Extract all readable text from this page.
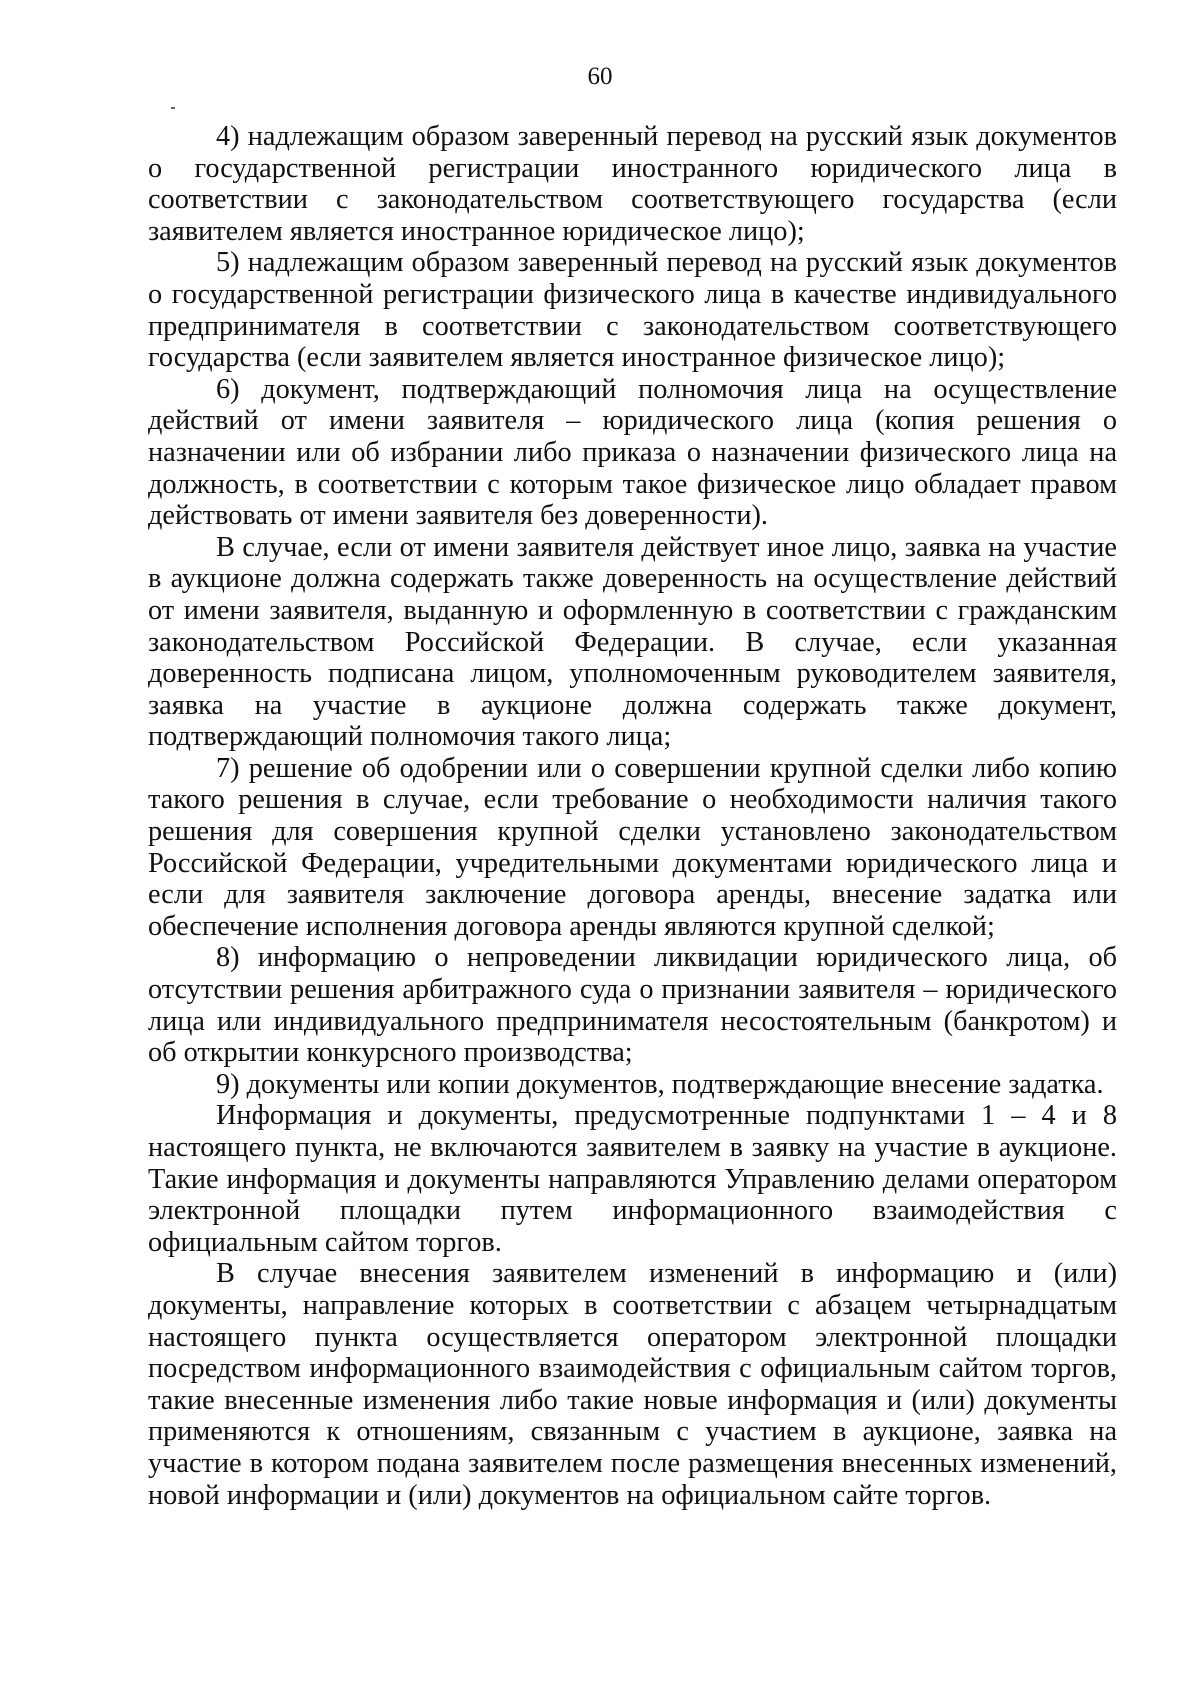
60

4) надлежащим образом заверенный перевод на русский язык документов о государственной регистрации иностранного юридического лица в соответствии с законодательством соответствующего государства (если заявителем является иностранное юридическое лицо);

5) надлежащим образом заверенный перевод на русский язык документов о государственной регистрации физического лица в качестве индивидуального предпринимателя в соответствии с законодательством соответствующего государства (если заявителем является иностранное физическое лицо);

6) документ, подтверждающий полномочия лица на осуществление действий от имени заявителя – юридического лица (копия решения о назначении или об избрании либо приказа о назначении физического лица на должность, в соответствии с которым такое физическое лицо обладает правом действовать от имени заявителя без доверенности).

В случае, если от имени заявителя действует иное лицо, заявка на участие в аукционе должна содержать также доверенность на осуществление действий от имени заявителя, выданную и оформленную в соответствии с гражданским законодательством Российской Федерации. В случае, если указанная доверенность подписана лицом, уполномоченным руководителем заявителя, заявка на участие в аукционе должна содержать также документ, подтверждающий полномочия такого лица;

7) решение об одобрении или о совершении крупной сделки либо копию такого решения в случае, если требование о необходимости наличия такого решения для совершения крупной сделки установлено законодательством Российской Федерации, учредительными документами юридического лица и если для заявителя заключение договора аренды, внесение задатка или обеспечение исполнения договора аренды являются крупной сделкой;

8) информацию о непроведении ликвидации юридического лица, об отсутствии решения арбитражного суда о признании заявителя – юридического лица или индивидуального предпринимателя несостоятельным (банкротом) и об открытии конкурсного производства;

9) документы или копии документов, подтверждающие внесение задатка.

Информация и документы, предусмотренные подпунктами 1 – 4 и 8 настоящего пункта, не включаются заявителем в заявку на участие в аукционе. Такие информация и документы направляются Управлению делами оператором электронной площадки путем информационного взаимодействия с официальным сайтом торгов.

В случае внесения заявителем изменений в информацию и (или) документы, направление которых в соответствии с абзацем четырнадцатым настоящего пункта осуществляется оператором электронной площадки посредством информационного взаимодействия с официальным сайтом торгов, такие внесенные изменения либо такие новые информация и (или) документы применяются к отношениям, связанным с участием в аукционе, заявка на участие в котором подана заявителем после размещения внесенных изменений, новой информации и (или) документов на официальном сайте торгов.
